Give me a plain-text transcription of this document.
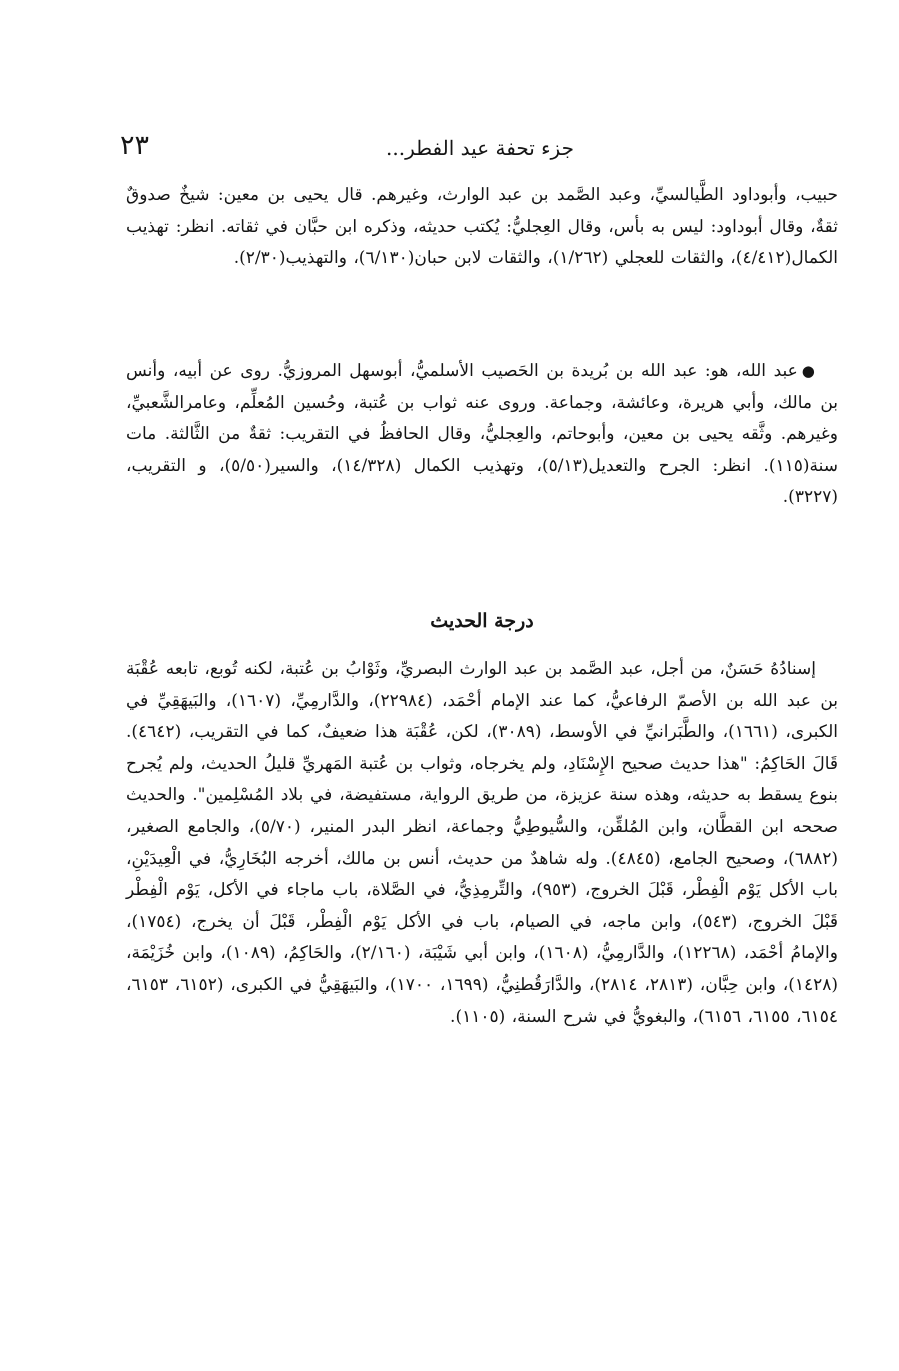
٢٣	جزء تحفة عيد الفطر...

حبيب، وأبوداود الطَّيالسيِّ، وعبد الصَّمد بن عبد الوارث، وغيرهم. قال يحيى بن معين: شيخٌ صدوقٌ ثقةٌ، وقال أبوداود: ليس به بأس، وقال العِجليُّ: يُكتب حديثه، وذكره ابن حبَّان في ثقاته. انظر: تهذيب الكمال(٤/٤١٢)، والثقات للعجلي (١/٢٦٢)، والثقات لابن حبان(٦/١٣٠)، والتهذيب(٢/٣٠).

●عبد الله، هو: عبد الله بن بُريدة بن الحَصيب الأسلميُّ، أبوسهل المروزيُّ. روى عن أبيه، وأنس بن مالك، وأبي هريرة، وعائشة، وجماعة. وروى عنه ثواب بن عُتبة، وحُسين المُعلِّم، وعامرالشَّعبيِّ، وغيرهم. وثَّقه يحيى بن معين، وأبوحاتم، والعِجليُّ، وقال الحافظُ في التقريب: ثقةٌ من الثَّالثة. مات سنة(١١٥). انظر: الجرح والتعديل(٥/١٣)، وتهذيب الكمال (١٤/٣٢٨)، والسير(٥/٥٠)، و التقريب، (٣٢٢٧).

درجة الحديث

إسنادُهُ حَسَنٌ، من أجل، عبد الصَّمد بن عبد الوارث البصريِّ، وثَوْابُ بن عُتبة، لكنه تُوبع، تابعه عُقْبَة بن عبد الله بن الأصمّ الرفاعيُّ، كما عند الإمام أحْمَد، (٢٢٩٨٤)، والدَّارمِيِّ، (١٦٠٧)، والبَيهَقِيِّ في الكبرى، (١٦٦١)، والطَّبَرانيِّ في الأوسط، (٣٠٨٩)، لكن، عُقْبَة هذا ضعيفٌ، كما في التقريب، (٤٦٤٢). قَالَ الحَاكِمُ: "هذا حديث صحيح الإِسْنَادِ، ولم يخرجاه، وثواب بن عُتبة المَهريِّ قليلُ الحديث، ولم يُجرح بنوع يسقط به حديثه، وهذه سنة عزيزة، من طريق الرواية، مستفيضة، في بلاد المُسْلِمين". والحديث صححه ابن القطَّان، وابن المُلقِّن، والسُّيوطِيُّ وجماعة، انظر البدر المنير، (٥/٧٠)، والجامع الصغير، (٦٨٨٢)، وصحيح الجامع، (٤٨٤٥). وله شاهدٌ من حديث، أنس بن مالك، أخرجه البُخَارِيُّ، في الْعِيدَيْنِ، باب الأكل يَوْم الْفِطْر، قَبْلَ الخروج، (٩٥٣)، والتِّرمِذِيُّ، في الصَّلاة، باب ماجاء في الأكل، يَوْم الْفِطْر قَبْلَ الخروج، (٥٤٣)، وابن ماجه، في الصيام، باب في الأكل يَوْم الْفِطْر، قَبْلَ أن يخرج، (١٧٥٤)، والإمامُ أحْمَد، (١٢٢٦٨)، والدَّارمِيُّ، (١٦٠٨)، وابن أبي شَيْبَة، (٢/١٦٠)، والحَاكِمُ، (١٠٨٩)، وابن خُزَيْمَة، (١٤٢٨)، وابن حِبَّان، (٢٨١٣، ٢٨١٤)، والدَّارَقُطنِيُّ، (١٦٩٩، ١٧٠٠)، والبَيهَقِيُّ في الكبرى، (٦١٥٢، ٦١٥٣، ٦١٥٤، ٦١٥٥، ٦١٥٦)، والبغويُّ في شرح السنة، (١١٠٥).
